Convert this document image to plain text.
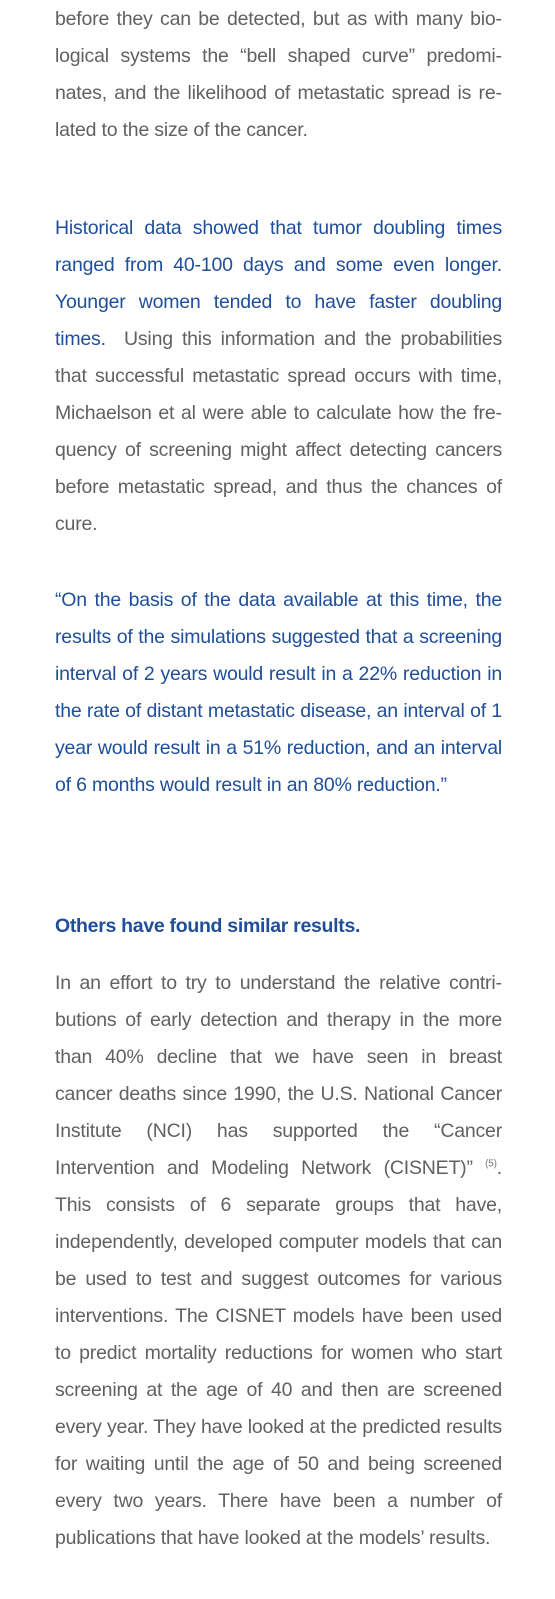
before they can be detected, but as with many biological systems the “bell shaped curve” predominates, and the likelihood of metastatic spread is related to the size of the cancer.

Historical data showed that tumor doubling times ranged from 40-100 days and some even longer. Younger women tended to have faster doubling times. Using this information and the probabilities that successful metastatic spread occurs with time, Michaelson et al were able to calculate how the frequency of screening might affect detecting cancers before metastatic spread, and thus the chances of cure.

“On the basis of the data available at this time, the results of the simulations suggested that a screening interval of 2 years would result in a 22% reduction in the rate of distant metastatic disease, an interval of 1 year would result in a 51% reduction, and an interval of 6 months would result in an 80% reduction.”

Others have found similar results.

In an effort to try to understand the relative contributions of early detection and therapy in the more than 40% decline that we have seen in breast cancer deaths since 1990, the U.S. National Cancer Institute (NCI) has supported the “Cancer Intervention and Modeling Network (CISNET)” $^{(5)}$. This consists of 6 separate groups that have, independently, developed computer models that can be used to test and suggest outcomes for various interventions. The CISNET models have been used to predict mortality reductions for women who start screening at the age of 40 and then are screened every year. They have looked at the predicted results for waiting until the age of 50 and being screened every two years. There have been a number of publications that have looked at the models’ results.
